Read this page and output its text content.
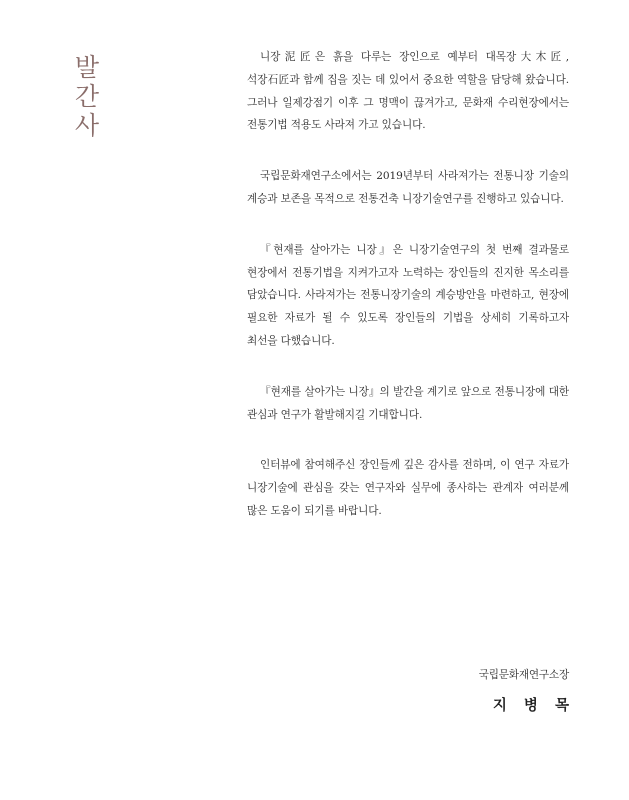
발
간
사

니장泥匠은 흙을 다루는 장인으로 예부터 대목장大木匠, 석장石匠과 함께 집을 짓는 데 있어서 중요한 역할을 담당해 왔습니다. 그러나 일제강점기 이후 그 명맥이 끊겨가고, 문화재 수리현장에서는 전통기법 적용도 사라져 가고 있습니다.

국립문화재연구소에서는 2019년부터 사라져가는 전통니장 기술의 계승과 보존을 목적으로 전통건축 니장기술연구를 진행하고 있습니다.

『현재를 살아가는 니장』은 니장기술연구의 첫 번째 결과물로 현장에서 전통기법을 지켜가고자 노력하는 장인들의 진지한 목소리를 담았습니다. 사라져가는 전통니장기술의 계승방안을 마련하고, 현장에 필요한 자료가 될 수 있도록 장인들의 기법을 상세히 기록하고자 최선을 다했습니다.

『현재를 살아가는 니장』의 발간을 계기로 앞으로 전통니장에 대한 관심과 연구가 활발해지길 기대합니다.

인터뷰에 참여해주신 장인들께 깊은 감사를 전하며, 이 연구 자료가 니장기술에 관심을 갖는 연구자와 실무에 종사하는 관계자 여러분께 많은 도움이 되기를 바랍니다.

국립문화재연구소장
지 병 목
